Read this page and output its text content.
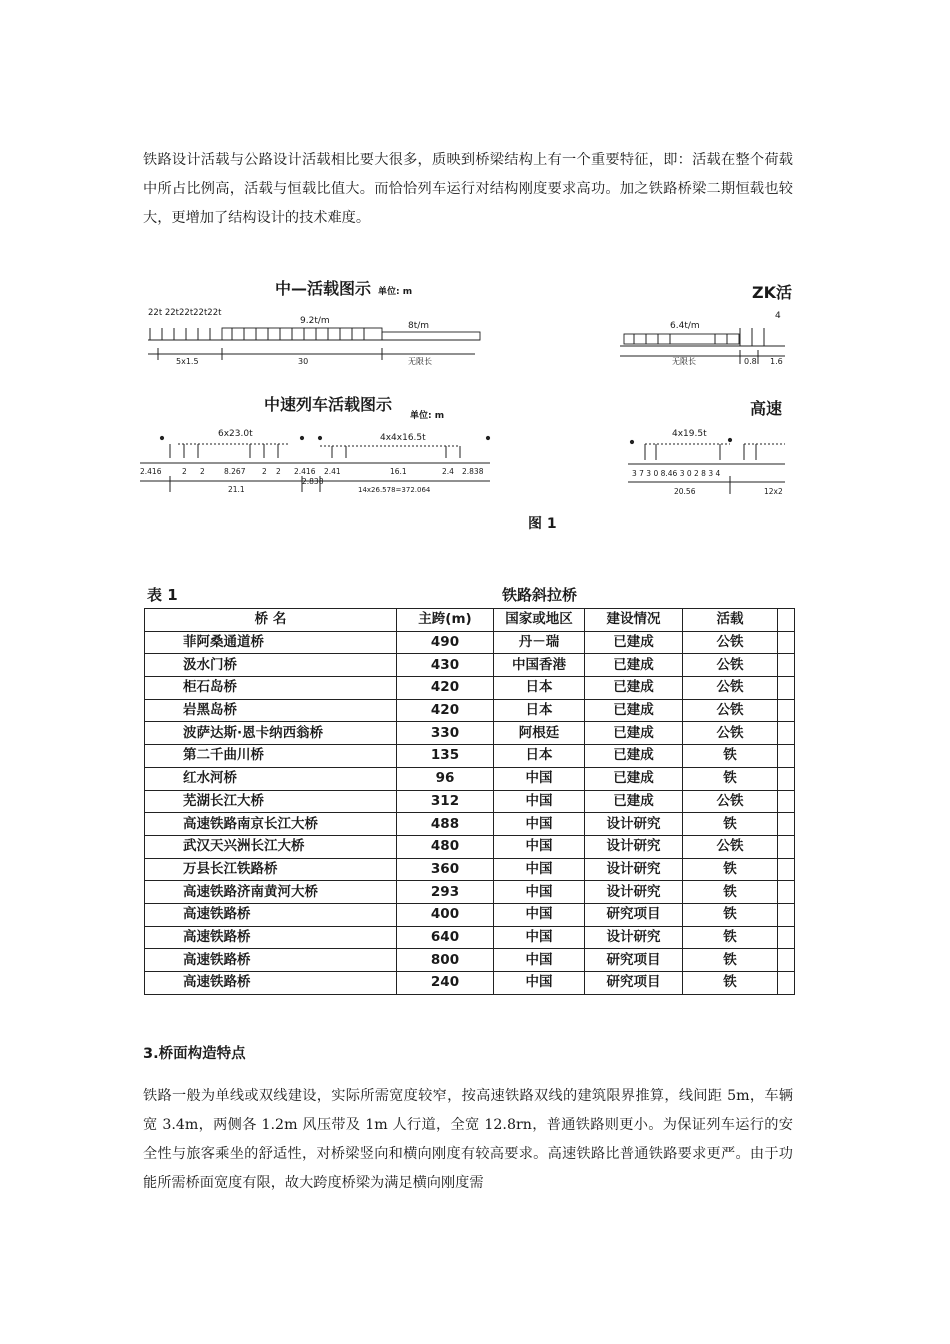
铁路设计活载与公路设计活载相比要大很多，质映到桥梁结构上有一个重要特征，即：活载在整个荷载中所占比例高，活载与恒载比值大。而恰恰列车运行对结构刚度要求高功。加之铁路桥梁二期恒载也较大，更增加了结构设计的技术难度。

中—活载图示 单位: m
22t 22t22t22t22t
9.2t/m	8t/m
5x1.5	30	无限长
ZK活
6.4t/m
4
无限长	0.8 1.6
中速列车活载图示
单位: m
6x23.0t	4x4x16.5t
2.416	2 2	8.267 2 2 2.416 2.41	16.1	2.4 2.838
21.1
2.838
14x26.578=372.064
高速
4x19.5t
3 7 3 0 8.46 3 0 2 8 3 4
20.56	12x2
图 1
表 1	铁路斜拉桥
桥 名	主跨(m)	国家或地区	建设情况	活载	
菲阿桑通道桥	490	丹－瑞	已建成	公铁	
汲水门桥	430	中国香港	已建成	公铁	
柜石岛桥	420	日本	已建成	公铁	
岩黑岛桥	420	日本	已建成	公铁	
波萨达斯·恩卡纳西翁桥	330	阿根廷	已建成	公铁	
第二千曲川桥	135	日本	已建成	铁	
红水河桥	96	中国	已建成	铁	
芜湖长江大桥	312	中国	已建成	公铁	
高速铁路南京长江大桥	488	中国	设计研究	铁	
武汉天兴洲长江大桥	480	中国	设计研究	公铁	
万县长江铁路桥	360	中国	设计研究	铁	
高速铁路济南黄河大桥	293	中国	设计研究	铁	
高速铁路桥	400	中国	研究项目	铁	
高速铁路桥	640	中国	设计研究	铁	
高速铁路桥	800	中国	研究项目	铁	
高速铁路桥	240	中国	研究项目	铁	

3.桥面构造特点

铁路一般为单线或双线建设，实际所需宽度较窄，按高速铁路双线的建筑限界推算，线间距 5m，车辆宽 3.4m，两侧各 1.2m 风压带及 1m 人行道，全宽 12.8rn，普通铁路则更小。为保证列车运行的安全性与旅客乘坐的舒适性，对桥梁竖向和横向刚度有较高要求。高速铁路比普通铁路要求更严。由于功能所需桥面宽度有限，故大跨度桥梁为满足横向刚度需
